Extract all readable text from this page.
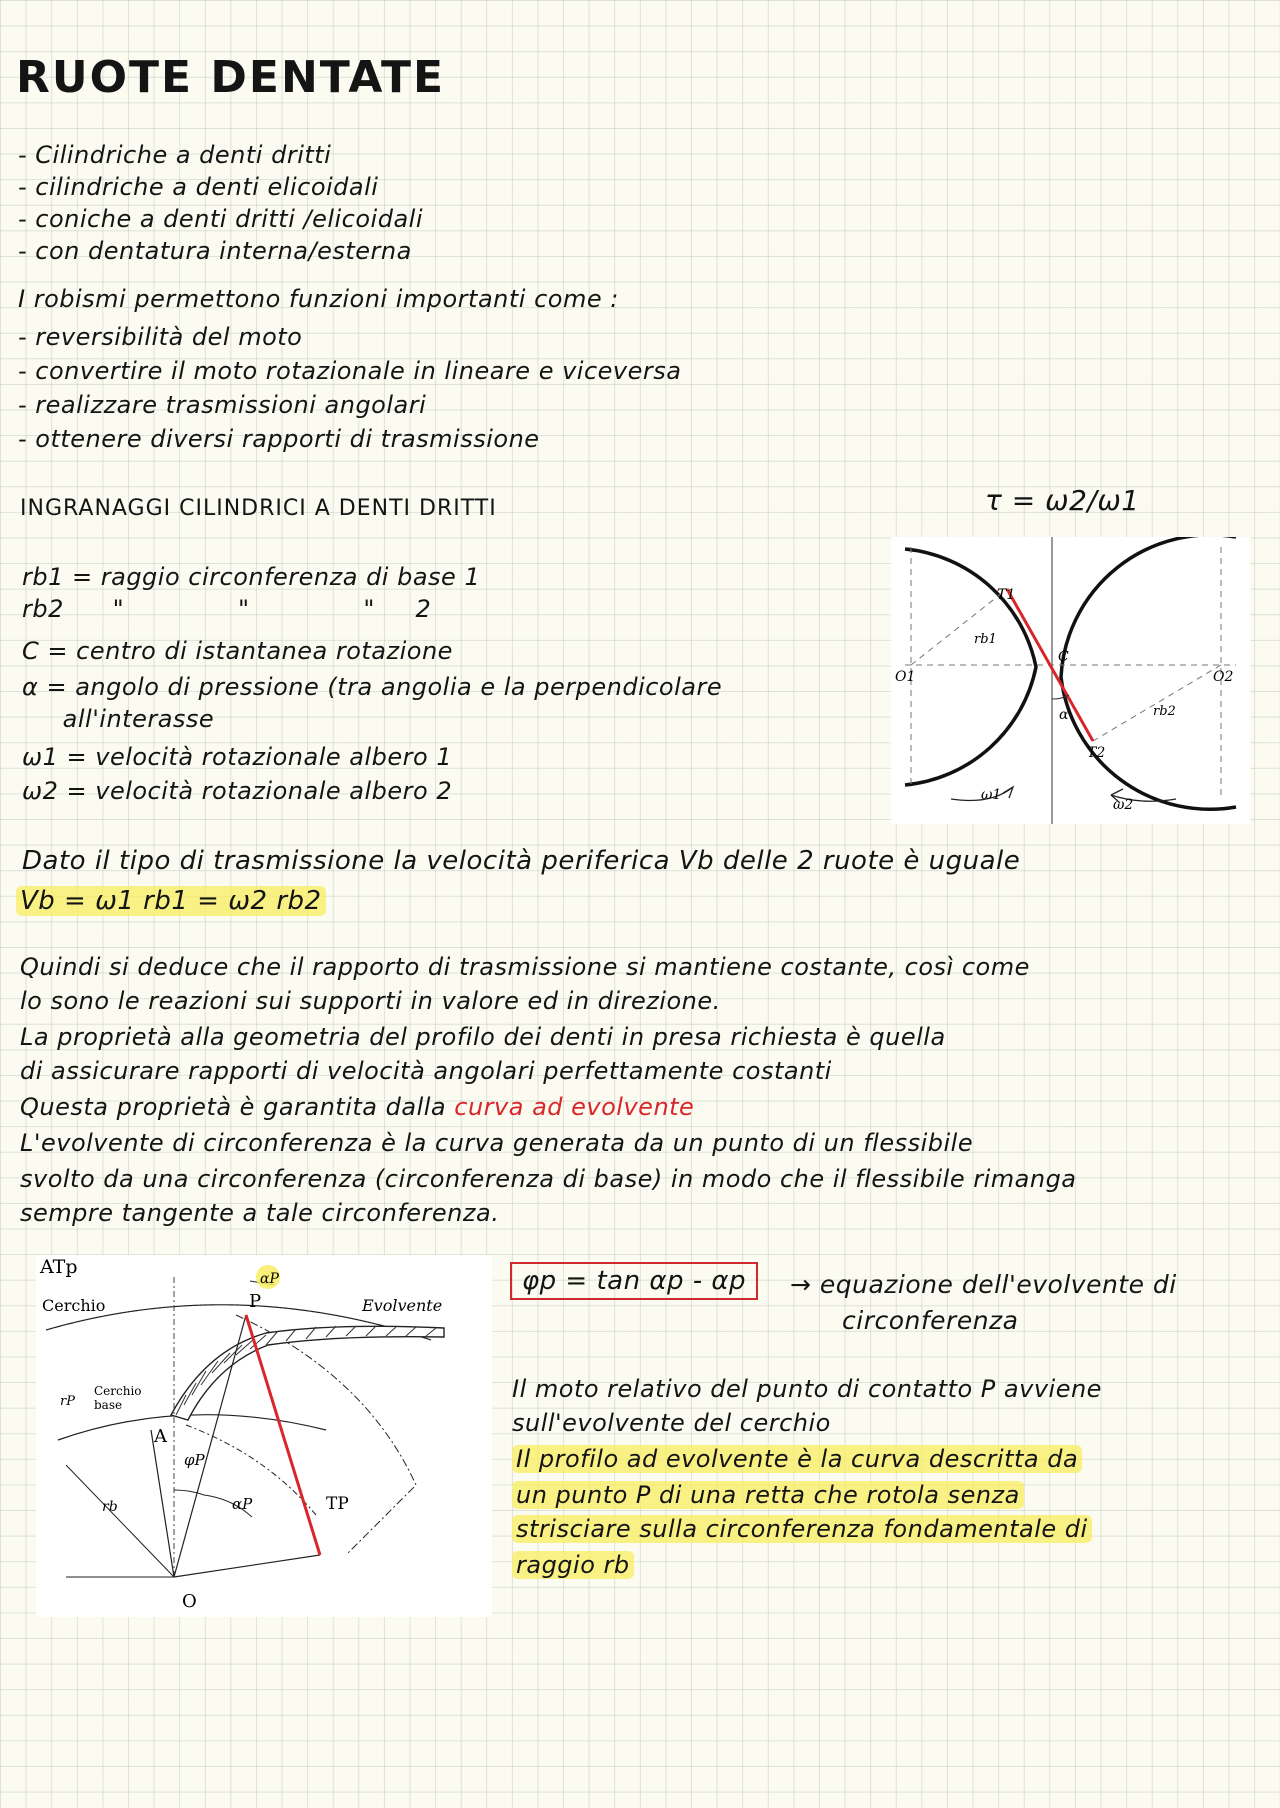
RUOTE DENTATE
- Cilindriche a denti dritti
- cilindriche a denti elicoidali
- coniche a denti dritti /elicoidali
- con dentatura interna/esterna
I robismi permettono funzioni importanti come :
- reversibilità del moto
- convertire il moto rotazionale in lineare e viceversa
- realizzare trasmissioni angolari
- ottenere diversi rapporti di trasmissione
INGRANAGGI CILINDRICI A DENTI DRITTI	τ = ω2/ω1
rb1 = raggio circonferenza di base 1
rb2      "              "              "     2
C = centro di istantanea rotazione
α = angolo di pressione (tra angolia e la perpendicolare
all'interasse
ω1 = velocità rotazionale albero 1
ω2 = velocità rotazionale albero 2
T1
C
O1	O2
rb1
rb2
α
T2
ω1
ω2
Dato il tipo di trasmissione la velocità periferica Vb delle 2 ruote è uguale
Vb = ω1 rb1 = ω2 rb2
Quindi si deduce che il rapporto di trasmissione si mantiene costante, così come
lo sono le reazioni sui supporti in valore ed in direzione.
La proprietà alla geometria del profilo dei denti in presa richiesta è quella
di assicurare rapporti di velocità angolari perfettamente costanti
Questa proprietà è garantita dalla curva ad evolvente
L'evolvente di circonferenza è la curva generata da un punto di un flessibile
svolto da una circonferenza (circonferenza di base) in modo che il flessibile rimanga
sempre tangente a tale circonferenza.
ATp
Cerchio	P
αP
Evolvente
rP
Cerchio
base
A
φP
αP	TP
rb
O
φp = tan αp - αp	→ equazione dell'evolvente di
circonferenza
Il moto relativo del punto di contatto P avviene
sull'evolvente del cerchio
Il profilo ad evolvente è la curva descritta da
un punto P di una retta che rotola senza
strisciare sulla circonferenza fondamentale di
raggio rb
